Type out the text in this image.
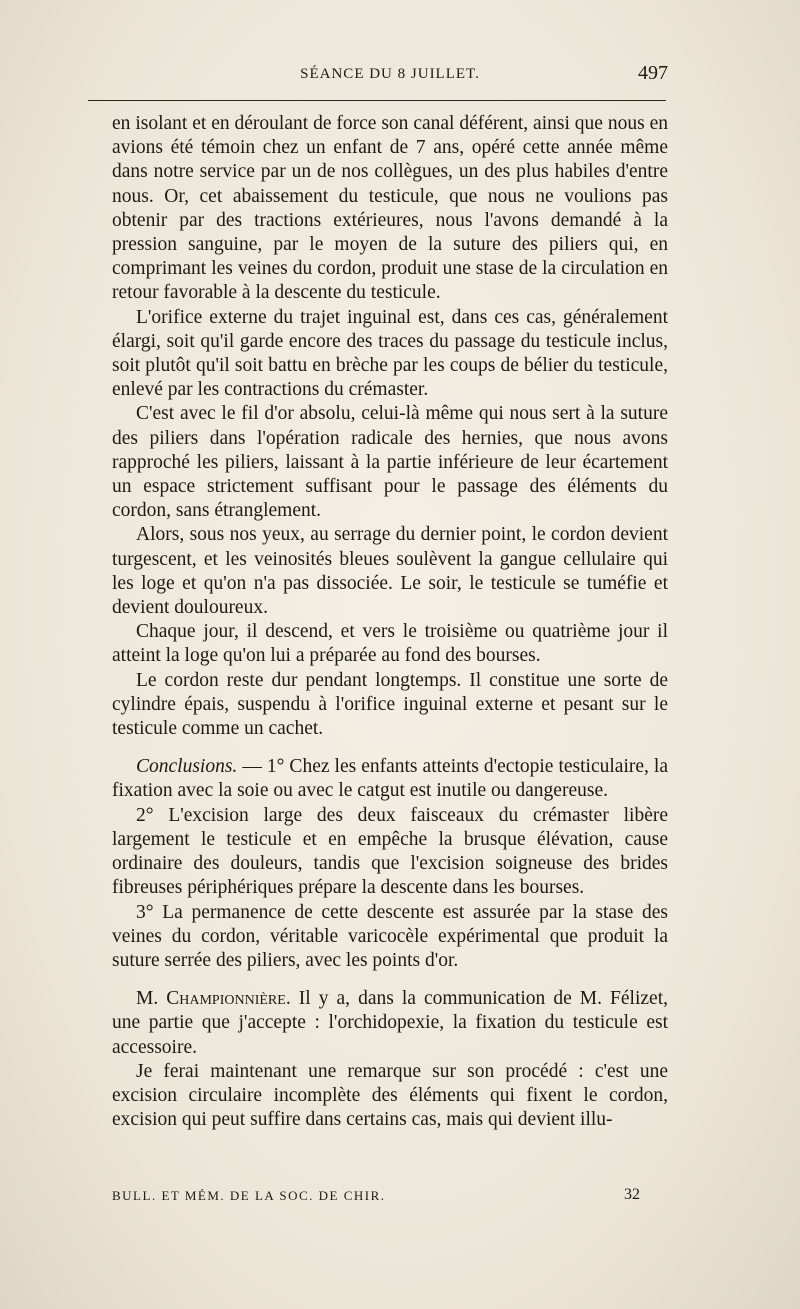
SÉANCE DU 8 JUILLET.	497

en isolant et en déroulant de force son canal déférent, ainsi que nous en avions été témoin chez un enfant de 7 ans, opéré cette année même dans notre service par un de nos collègues, un des plus habiles d'entre nous. Or, cet abaissement du testicule, que nous ne voulions pas obtenir par des tractions extérieures, nous l'avons demandé à la pression sanguine, par le moyen de la suture des piliers qui, en comprimant les veines du cordon, produit une stase de la circulation en retour favorable à la descente du testicule.

L'orifice externe du trajet inguinal est, dans ces cas, généralement élargi, soit qu'il garde encore des traces du passage du testicule inclus, soit plutôt qu'il soit battu en brèche par les coups de bélier du testicule, enlevé par les contractions du crémaster.

C'est avec le fil d'or absolu, celui-là même qui nous sert à la suture des piliers dans l'opération radicale des hernies, que nous avons rapproché les piliers, laissant à la partie inférieure de leur écartement un espace strictement suffisant pour le passage des éléments du cordon, sans étranglement.

Alors, sous nos yeux, au serrage du dernier point, le cordon devient turgescent, et les veinosités bleues soulèvent la gangue cellulaire qui les loge et qu'on n'a pas dissociée. Le soir, le testicule se tuméfie et devient douloureux.

Chaque jour, il descend, et vers le troisième ou quatrième jour il atteint la loge qu'on lui a préparée au fond des bourses.

Le cordon reste dur pendant longtemps. Il constitue une sorte de cylindre épais, suspendu à l'orifice inguinal externe et pesant sur le testicule comme un cachet.

Conclusions. — 1° Chez les enfants atteints d'ectopie testiculaire, la fixation avec la soie ou avec le catgut est inutile ou dangereuse.

2° L'excision large des deux faisceaux du crémaster libère largement le testicule et en empêche la brusque élévation, cause ordinaire des douleurs, tandis que l'excision soigneuse des brides fibreuses périphériques prépare la descente dans les bourses.

3° La permanence de cette descente est assurée par la stase des veines du cordon, véritable varicocèle expérimental que produit la suture serrée des piliers, avec les points d'or.

M. Championnière. Il y a, dans la communication de M. Félizet, une partie que j'accepte : l'orchidopexie, la fixation du testicule est accessoire.

Je ferai maintenant une remarque sur son procédé : c'est une excision circulaire incomplète des éléments qui fixent le cordon, excision qui peut suffire dans certains cas, mais qui devient illu-

BULL. ET MÉM. DE LA SOC. DE CHIR.	32
